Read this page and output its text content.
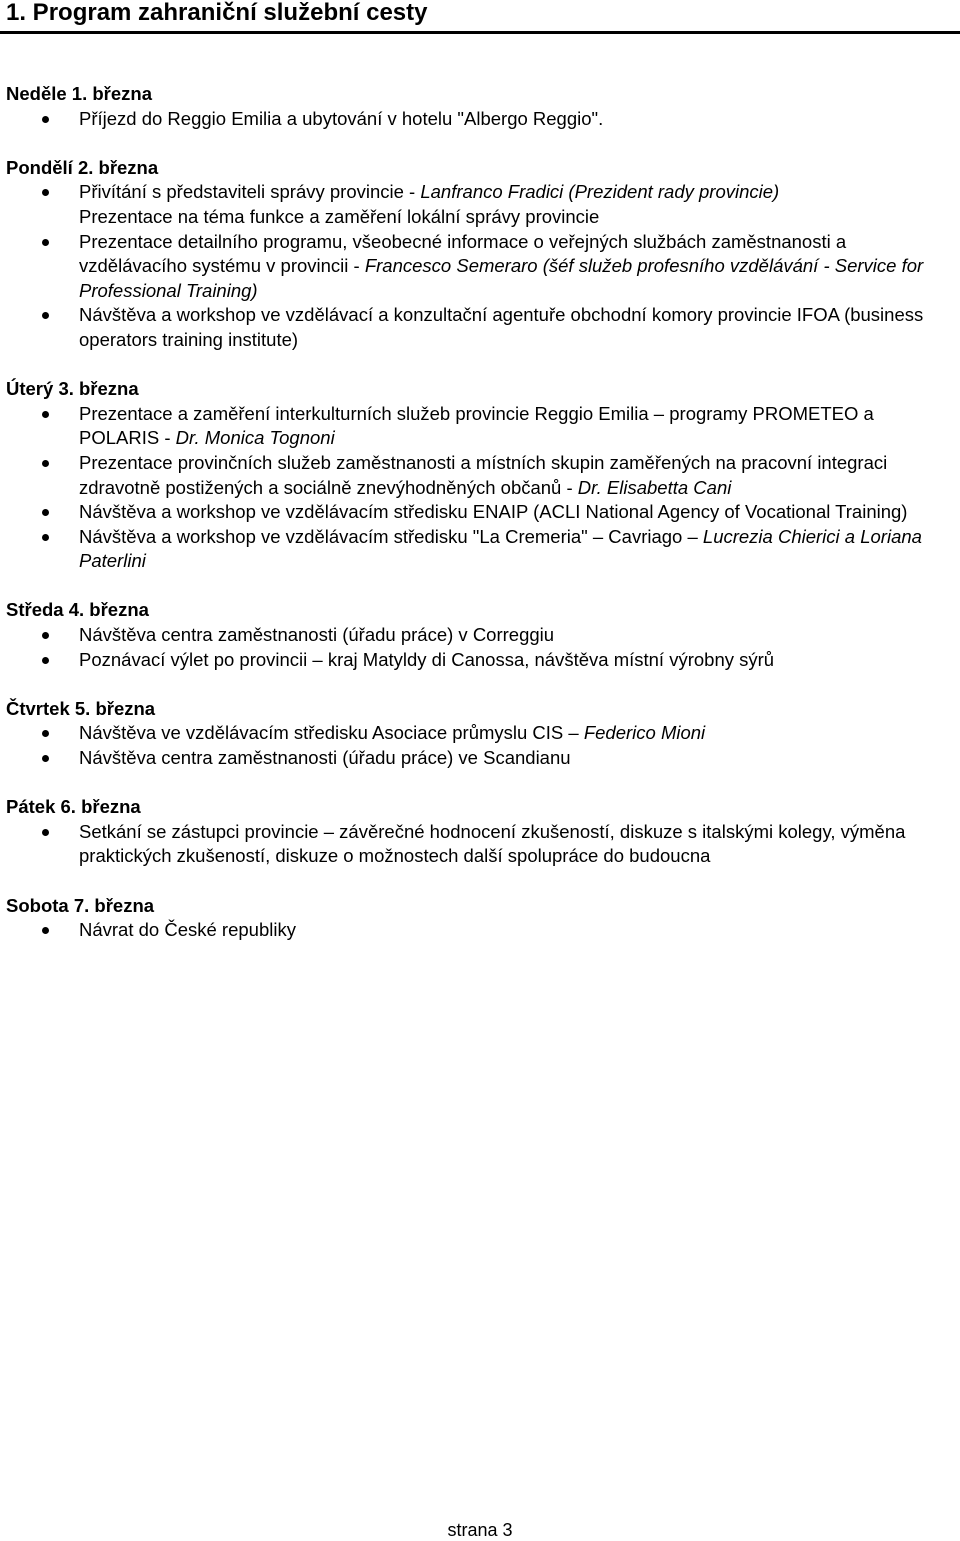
1. Program zahraniční služební cesty

Neděle 1. března

Příjezd do Reggio Emilia a ubytování v hotelu "Albergo Reggio".

Pondělí 2. března

Přivítání s představiteli správy provincie - Lanfranco Fradici (Prezident rady provincie)
Prezentace na téma funkce a zaměření lokální správy provincie
Prezentace detailního programu, všeobecné informace o veřejných službách zaměstnanosti a vzdělávacího systému v provincii - Francesco Semeraro (šéf služeb profesního vzdělávání - Service for Professional Training)
Návštěva a workshop ve vzdělávací a konzultační agentuře obchodní komory provincie IFOA (business operators training institute)

Úterý 3. března

Prezentace a zaměření interkulturních služeb provincie Reggio Emilia – programy PROMETEO a POLARIS - Dr. Monica Tognoni
Prezentace provinčních služeb zaměstnanosti a místních skupin zaměřených na pracovní integraci zdravotně postižených a sociálně znevýhodněných občanů - Dr. Elisabetta Cani
Návštěva a workshop ve vzdělávacím středisku ENAIP (ACLI National Agency of Vocational Training)
Návštěva a workshop ve vzdělávacím středisku "La Cremeria" – Cavriago – Lucrezia Chierici a Loriana Paterlini

Středa 4. března

Návštěva centra zaměstnanosti (úřadu práce) v Correggiu
Poznávací výlet po provincii – kraj Matyldy di Canossa, návštěva místní výrobny sýrů

Čtvrtek 5. března

Návštěva ve vzdělávacím středisku Asociace průmyslu CIS – Federico Mioni
Návštěva centra zaměstnanosti (úřadu práce) ve Scandianu

Pátek 6. března

Setkání se zástupci provincie – závěrečné hodnocení zkušeností, diskuze s italskými kolegy, výměna praktických zkušeností, diskuze o možnostech další spolupráce do budoucna

Sobota 7. března

Návrat do České republiky
strana 3
